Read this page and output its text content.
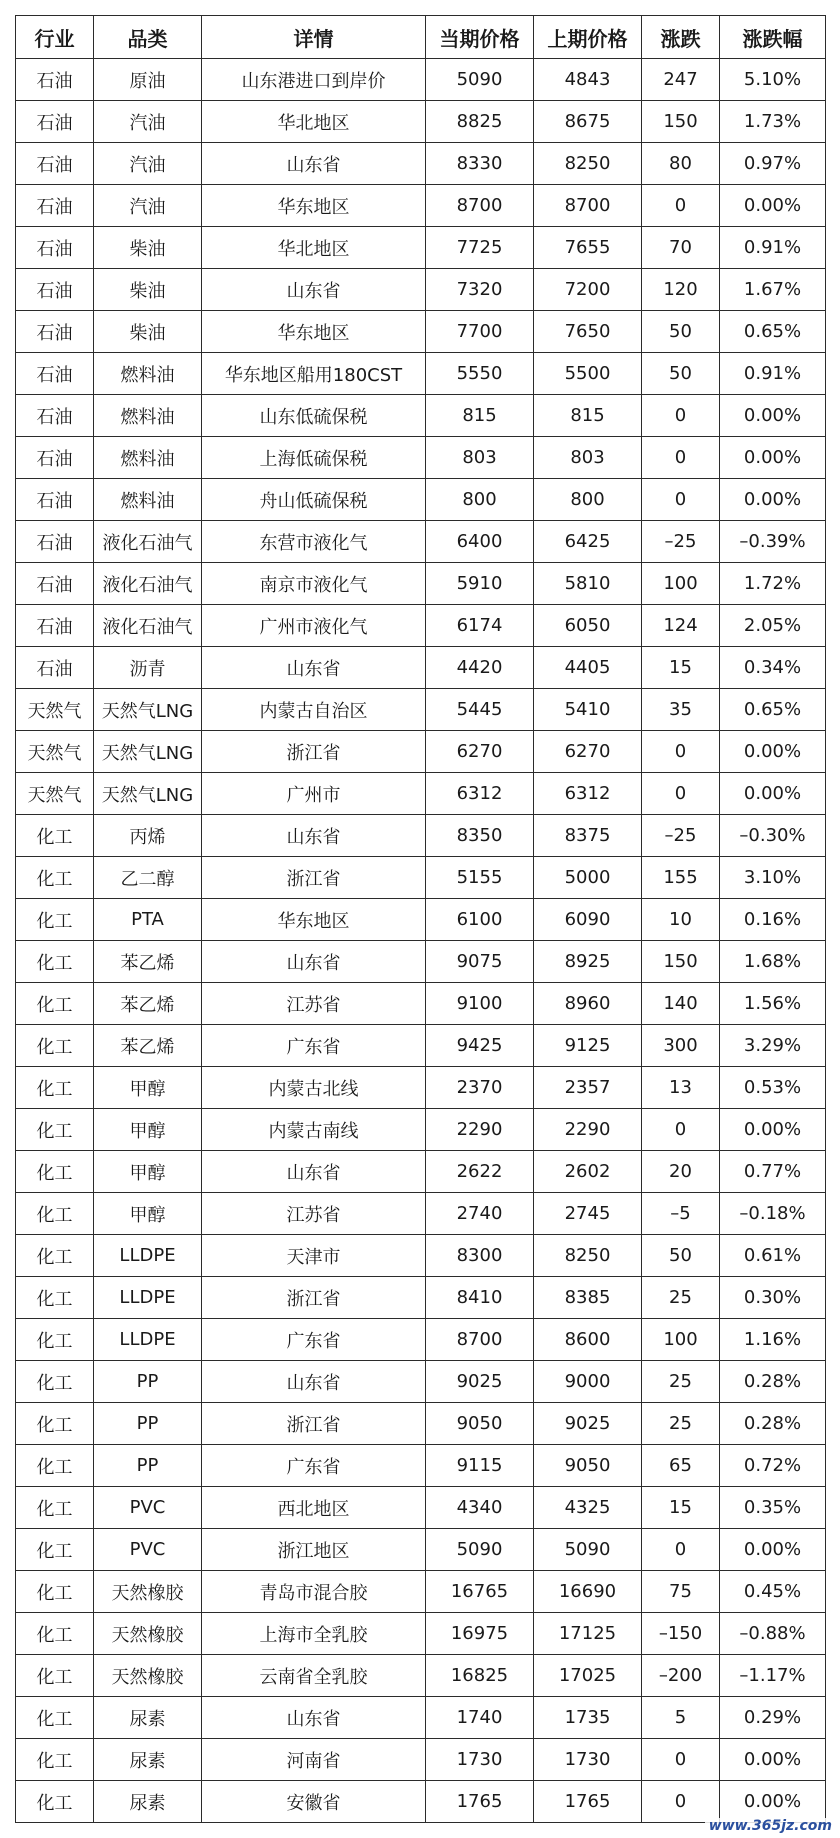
行业	品类	详情	当期价格	上期价格	涨跌	涨跌幅
石油	原油	山东港进口到岸价	5090	4843	247	5.10%
石油	汽油	华北地区	8825	8675	150	1.73%
石油	汽油	山东省	8330	8250	80	0.97%
石油	汽油	华东地区	8700	8700	0	0.00%
石油	柴油	华北地区	7725	7655	70	0.91%
石油	柴油	山东省	7320	7200	120	1.67%
石油	柴油	华东地区	7700	7650	50	0.65%
石油	燃料油	华东地区船用180CST	5550	5500	50	0.91%
石油	燃料油	山东低硫保税	815	815	0	0.00%
石油	燃料油	上海低硫保税	803	803	0	0.00%
石油	燃料油	舟山低硫保税	800	800	0	0.00%
石油	液化石油气	东营市液化气	6400	6425	–25	–0.39%
石油	液化石油气	南京市液化气	5910	5810	100	1.72%
石油	液化石油气	广州市液化气	6174	6050	124	2.05%
石油	沥青	山东省	4420	4405	15	0.34%
天然气	天然气LNG	内蒙古自治区	5445	5410	35	0.65%
天然气	天然气LNG	浙江省	6270	6270	0	0.00%
天然气	天然气LNG	广州市	6312	6312	0	0.00%
化工	丙烯	山东省	8350	8375	–25	–0.30%
化工	乙二醇	浙江省	5155	5000	155	3.10%
化工	PTA	华东地区	6100	6090	10	0.16%
化工	苯乙烯	山东省	9075	8925	150	1.68%
化工	苯乙烯	江苏省	9100	8960	140	1.56%
化工	苯乙烯	广东省	9425	9125	300	3.29%
化工	甲醇	内蒙古北线	2370	2357	13	0.53%
化工	甲醇	内蒙古南线	2290	2290	0	0.00%
化工	甲醇	山东省	2622	2602	20	0.77%
化工	甲醇	江苏省	2740	2745	–5	–0.18%
化工	LLDPE	天津市	8300	8250	50	0.61%
化工	LLDPE	浙江省	8410	8385	25	0.30%
化工	LLDPE	广东省	8700	8600	100	1.16%
化工	PP	山东省	9025	9000	25	0.28%
化工	PP	浙江省	9050	9025	25	0.28%
化工	PP	广东省	9115	9050	65	0.72%
化工	PVC	西北地区	4340	4325	15	0.35%
化工	PVC	浙江地区	5090	5090	0	0.00%
化工	天然橡胶	青岛市混合胶	16765	16690	75	0.45%
化工	天然橡胶	上海市全乳胶	16975	17125	–150	–0.88%
化工	天然橡胶	云南省全乳胶	16825	17025	–200	–1.17%
化工	尿素	山东省	1740	1735	5	0.29%
化工	尿素	河南省	1730	1730	0	0.00%
化工	尿素	安徽省	1765	1765	0	0.00%
www.365jz.com
